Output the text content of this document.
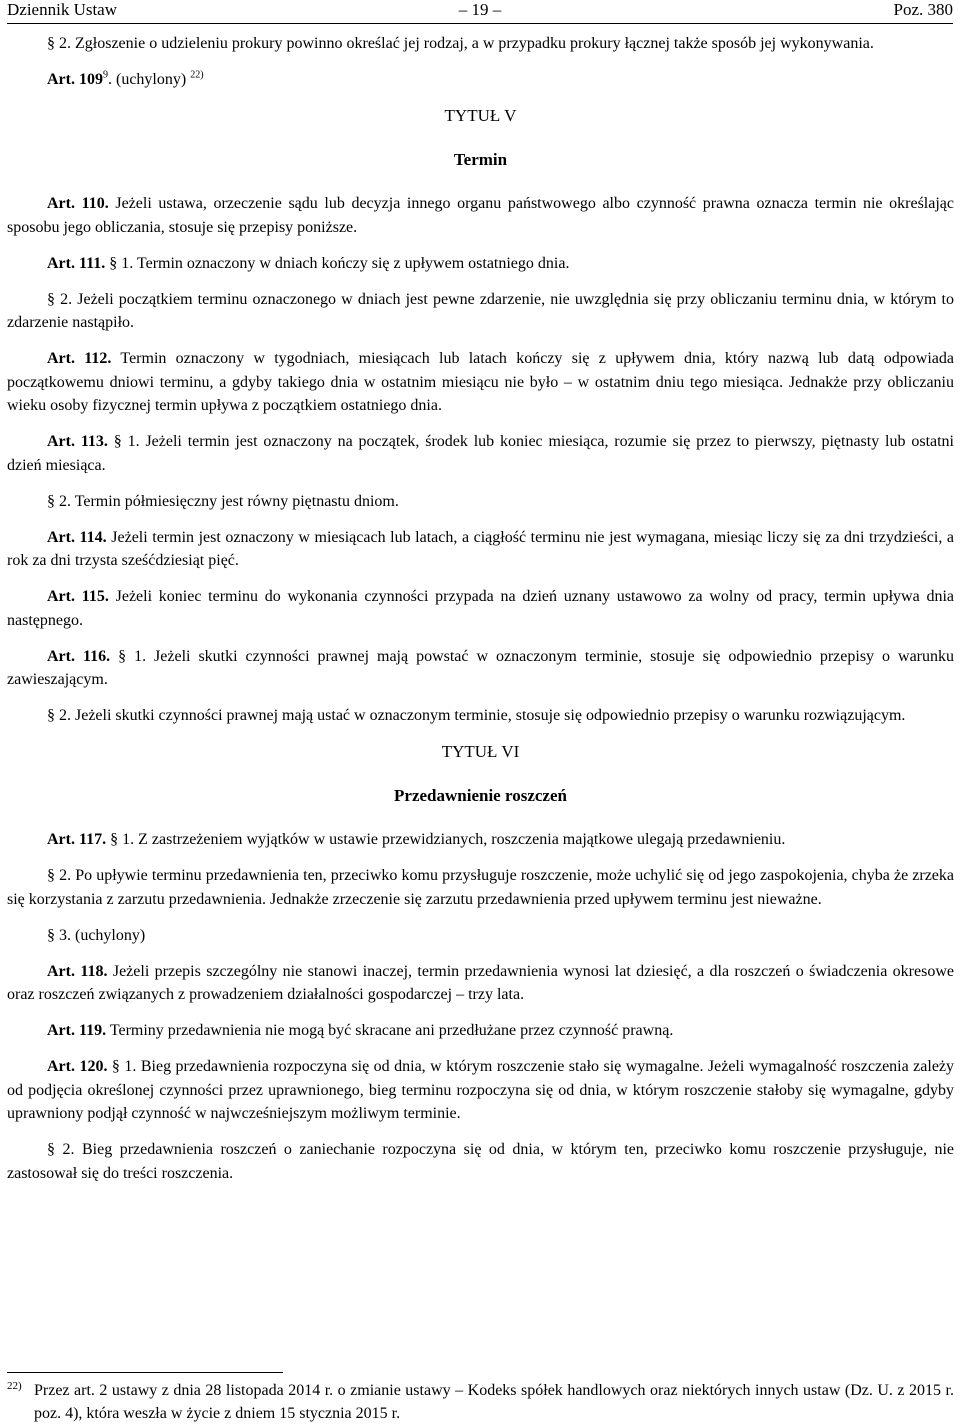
Dziennik Ustaw	– 19 –	Poz. 380

§ 2. Zgłoszenie o udzieleniu prokury powinno określać jej rodzaj, a w przypadku prokury łącznej także sposób jej wykonywania.

Art. $109^9$. (uchylony) $^{22)}$

TYTUŁ V
Termin

Art. 110. Jeżeli ustawa, orzeczenie sądu lub decyzja innego organu państwowego albo czynność prawna oznacza termin nie określając sposobu jego obliczania, stosuje się przepisy poniższe.

Art. 111. § 1. Termin oznaczony w dniach kończy się z upływem ostatniego dnia.

§ 2. Jeżeli początkiem terminu oznaczonego w dniach jest pewne zdarzenie, nie uwzględnia się przy obliczaniu terminu dnia, w którym to zdarzenie nastąpiło.

Art. 112. Termin oznaczony w tygodniach, miesiącach lub latach kończy się z upływem dnia, który nazwą lub datą odpowiada początkowemu dniowi terminu, a gdyby takiego dnia w ostatnim miesiącu nie było – w ostatnim dniu tego miesiąca. Jednakże przy obliczaniu wieku osoby fizycznej termin upływa z początkiem ostatniego dnia.

Art. 113. § 1. Jeżeli termin jest oznaczony na początek, środek lub koniec miesiąca, rozumie się przez to pierwszy, piętnasty lub ostatni dzień miesiąca.

§ 2. Termin półmiesięczny jest równy piętnastu dniom.

Art. 114. Jeżeli termin jest oznaczony w miesiącach lub latach, a ciągłość terminu nie jest wymagana, miesiąc liczy się za dni trzydzieści, a rok za dni trzysta sześćdziesiąt pięć.

Art. 115. Jeżeli koniec terminu do wykonania czynności przypada na dzień uznany ustawowo za wolny od pracy, termin upływa dnia następnego.

Art. 116. § 1. Jeżeli skutki czynności prawnej mają powstać w oznaczonym terminie, stosuje się odpowiednio przepisy o warunku zawieszającym.

§ 2. Jeżeli skutki czynności prawnej mają ustać w oznaczonym terminie, stosuje się odpowiednio przepisy o warunku rozwiązującym.

TYTUŁ VI
Przedawnienie roszczeń

Art. 117. § 1. Z zastrzeżeniem wyjątków w ustawie przewidzianych, roszczenia majątkowe ulegają przedawnieniu.

§ 2. Po upływie terminu przedawnienia ten, przeciwko komu przysługuje roszczenie, może uchylić się od jego zaspokojenia, chyba że zrzeka się korzystania z zarzutu przedawnienia. Jednakże zrzeczenie się zarzutu przedawnienia przed upływem terminu jest nieważne.

§ 3. (uchylony)

Art. 118. Jeżeli przepis szczególny nie stanowi inaczej, termin przedawnienia wynosi lat dziesięć, a dla roszczeń o świadczenia okresowe oraz roszczeń związanych z prowadzeniem działalności gospodarczej – trzy lata.

Art. 119. Terminy przedawnienia nie mogą być skracane ani przedłużane przez czynność prawną.

Art. 120. § 1. Bieg przedawnienia rozpoczyna się od dnia, w którym roszczenie stało się wymagalne. Jeżeli wymagalność roszczenia zależy od podjęcia określonej czynności przez uprawnionego, bieg terminu rozpoczyna się od dnia, w którym roszczenie stałoby się wymagalne, gdyby uprawniony podjął czynność w najwcześniejszym możliwym terminie.

§ 2. Bieg przedawnienia roszczeń o zaniechanie rozpoczyna się od dnia, w którym ten, przeciwko komu roszczenie przysługuje, nie zastosował się do treści roszczenia.

22) Przez art. 2 ustawy z dnia 28 listopada 2014 r. o zmianie ustawy – Kodeks spółek handlowych oraz niektórych innych ustaw (Dz. U. z 2015 r. poz. 4), która weszła w życie z dniem 15 stycznia 2015 r.
